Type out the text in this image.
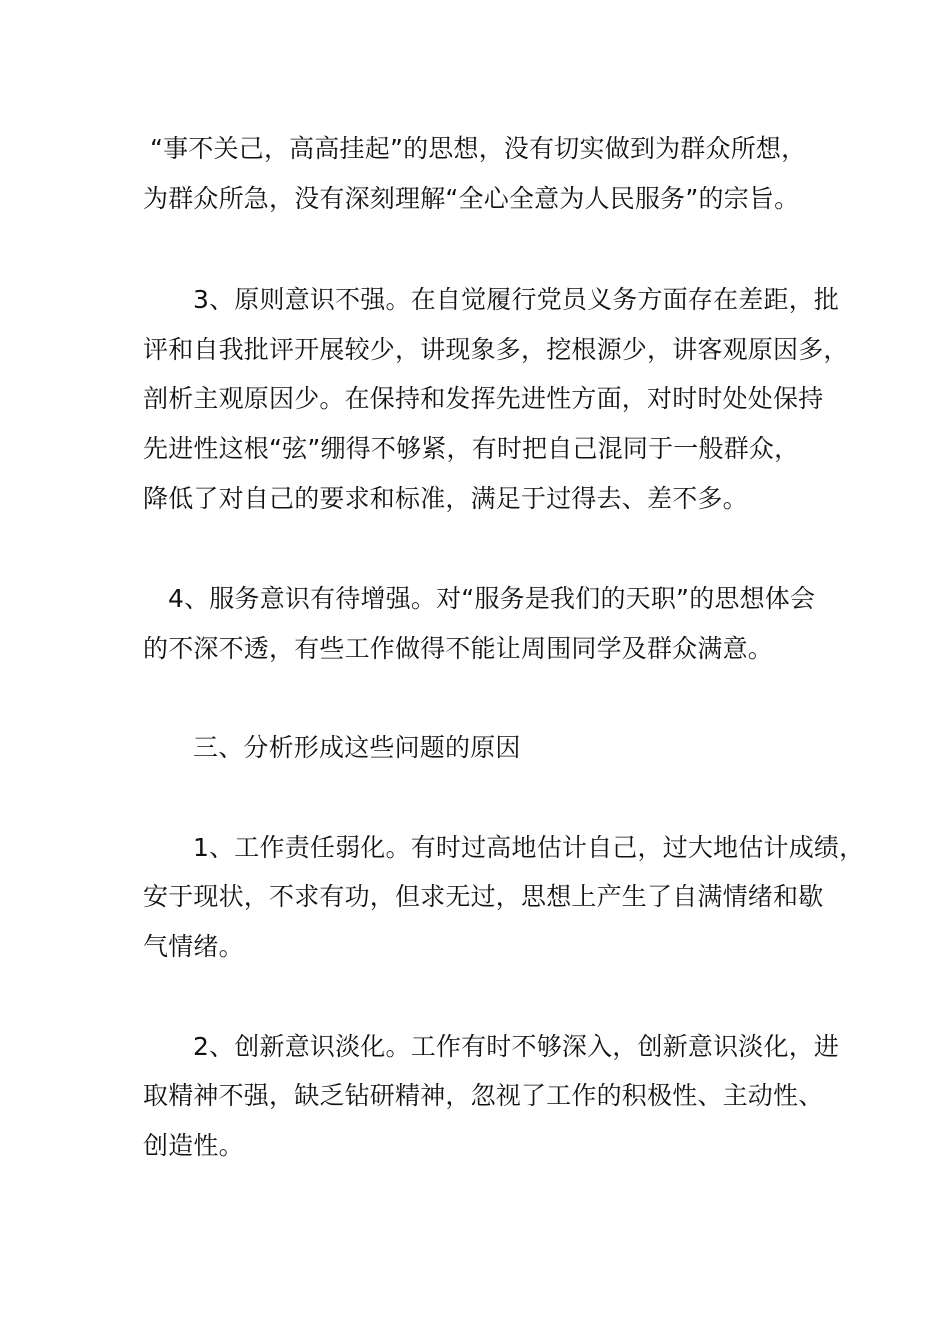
“事不关己，高高挂起”的思想，没有切实做到为群众所想，
为群众所急，没有深刻理解“全心全意为人民服务”的宗旨。
3、原则意识不强。在自觉履行党员义务方面存在差距，批
评和自我批评开展较少，讲现象多，挖根源少，讲客观原因多，
剖析主观原因少。在保持和发挥先进性方面，对时时处处保持
先进性这根“弦”绷得不够紧，有时把自己混同于一般群众，
降低了对自己的要求和标准，满足于过得去、差不多。
4、服务意识有待增强。对“服务是我们的天职”的思想体会
的不深不透，有些工作做得不能让周围同学及群众满意。
三、分析形成这些问题的原因
1、工作责任弱化。有时过高地估计自己，过大地估计成绩，
安于现状，不求有功，但求无过，思想上产生了自满情绪和歇
气情绪。
2、创新意识淡化。工作有时不够深入，创新意识淡化，进
取精神不强，缺乏钻研精神，忽视了工作的积极性、主动性、
创造性。
